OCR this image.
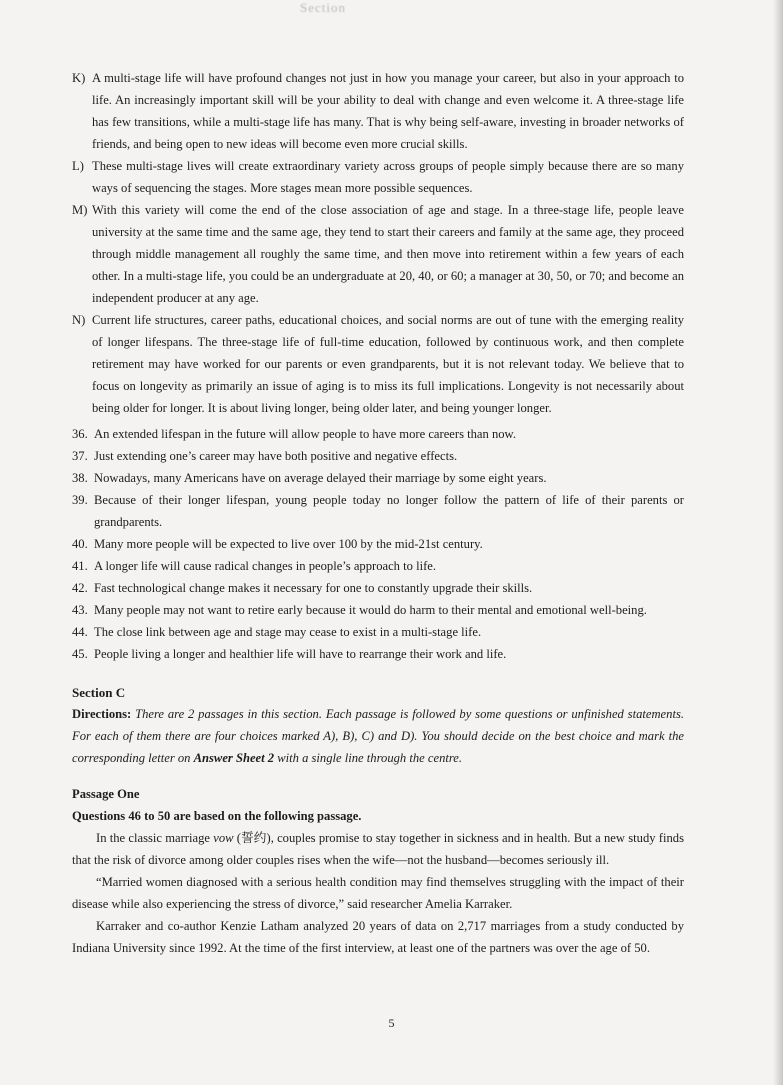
Section
K) A multi-stage life will have profound changes not just in how you manage your career, but also in your approach to life. An increasingly important skill will be your ability to deal with change and even welcome it. A three-stage life has few transitions, while a multi-stage life has many. That is why being self-aware, investing in broader networks of friends, and being open to new ideas will become even more crucial skills.
L) These multi-stage lives will create extraordinary variety across groups of people simply because there are so many ways of sequencing the stages. More stages mean more possible sequences.
M) With this variety will come the end of the close association of age and stage. In a three-stage life, people leave university at the same time and the same age, they tend to start their careers and family at the same age, they proceed through middle management all roughly the same time, and then move into retirement within a few years of each other. In a multi-stage life, you could be an undergraduate at 20, 40, or 60; a manager at 30, 50, or 70; and become an independent producer at any age.
N) Current life structures, career paths, educational choices, and social norms are out of tune with the emerging reality of longer lifespans. The three-stage life of full-time education, followed by continuous work, and then complete retirement may have worked for our parents or even grandparents, but it is not relevant today. We believe that to focus on longevity as primarily an issue of aging is to miss its full implications. Longevity is not necessarily about being older for longer. It is about living longer, being older later, and being younger longer.
36. An extended lifespan in the future will allow people to have more careers than now.
37. Just extending one’s career may have both positive and negative effects.
38. Nowadays, many Americans have on average delayed their marriage by some eight years.
39. Because of their longer lifespan, young people today no longer follow the pattern of life of their parents or grandparents.
40. Many more people will be expected to live over 100 by the mid-21st century.
41. A longer life will cause radical changes in people’s approach to life.
42. Fast technological change makes it necessary for one to constantly upgrade their skills.
43. Many people may not want to retire early because it would do harm to their mental and emotional well-being.
44. The close link between age and stage may cease to exist in a multi-stage life.
45. People living a longer and healthier life will have to rearrange their work and life.
Section C
Directions: There are 2 passages in this section. Each passage is followed by some questions or unfinished statements. For each of them there are four choices marked A), B), C) and D). You should decide on the best choice and mark the corresponding letter on Answer Sheet 2 with a single line through the centre.
Passage One
Questions 46 to 50 are based on the following passage.
In the classic marriage vow (誓约), couples promise to stay together in sickness and in health. But a new study finds that the risk of divorce among older couples rises when the wife—not the husband—becomes seriously ill.
“Married women diagnosed with a serious health condition may find themselves struggling with the impact of their disease while also experiencing the stress of divorce,” said researcher Amelia Karraker.
Karraker and co-author Kenzie Latham analyzed 20 years of data on 2,717 marriages from a study conducted by Indiana University since 1992. At the time of the first interview, at least one of the partners was over the age of 50.
5
